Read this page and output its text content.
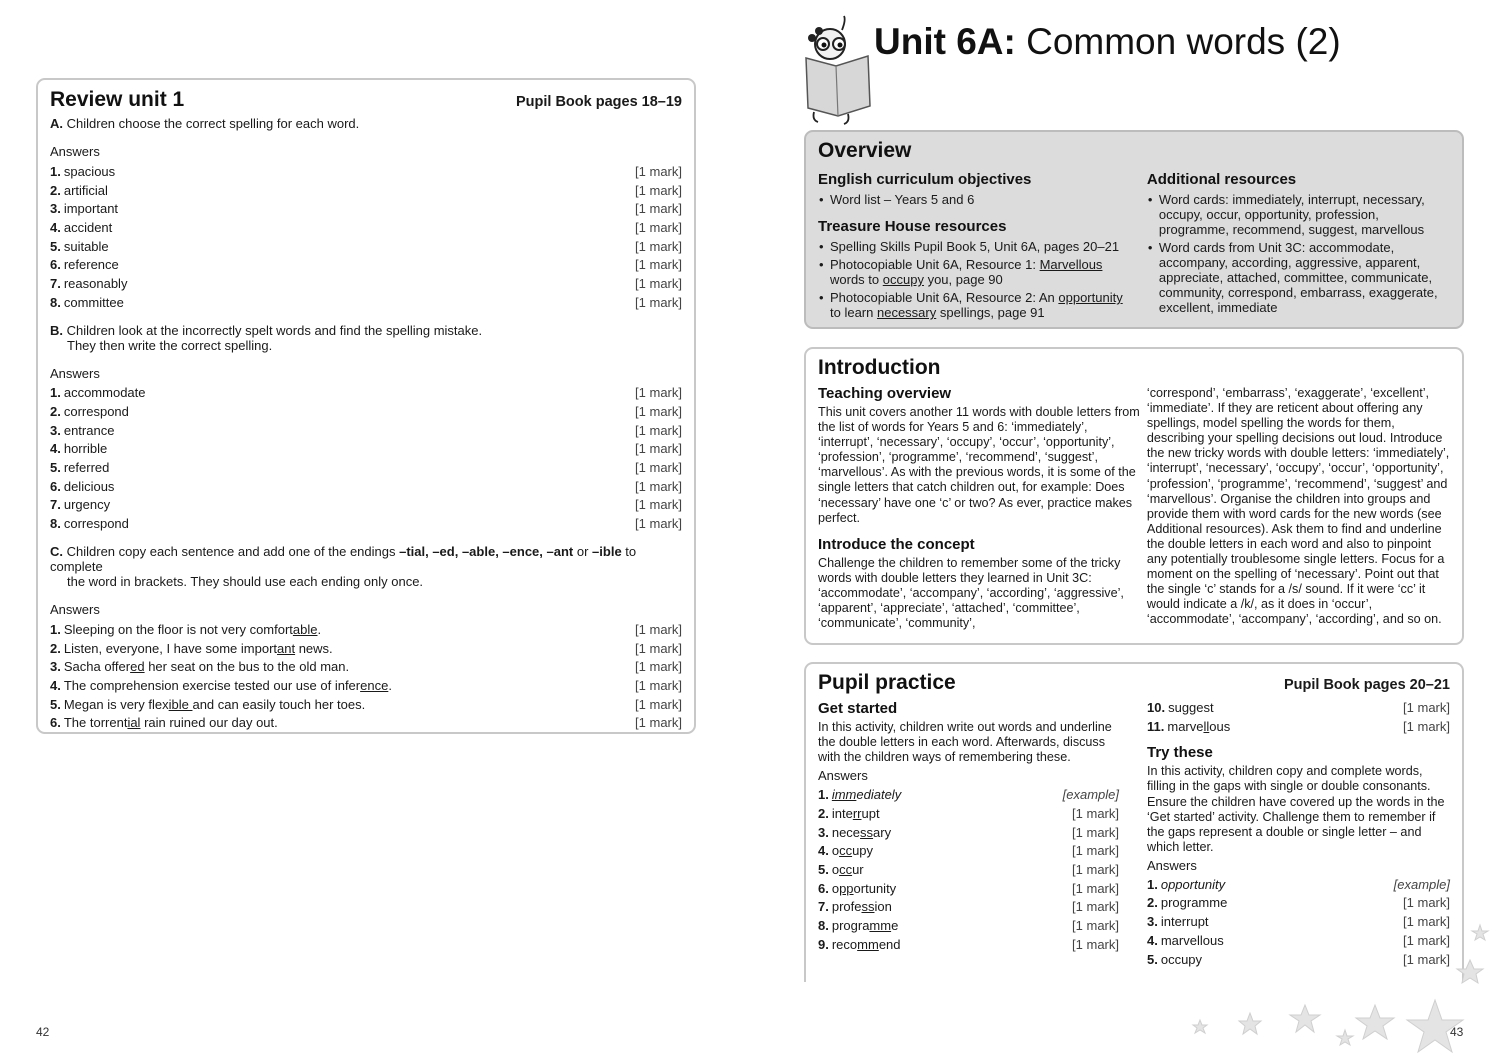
Review unit 1	Pupil Book pages 18–19
A. Children choose the correct spelling for each word.
Answers
1. spacious	[1 mark]
2. artificial	[1 mark]
3. important	[1 mark]
4. accident	[1 mark]
5. suitable	[1 mark]
6. reference	[1 mark]
7. reasonably	[1 mark]
8. committee	[1 mark]
B. Children look at the incorrectly spelt words and find the spelling mistake.
They then write the correct spelling.
Answers
1. accommodate	[1 mark]
2. correspond	[1 mark]
3. entrance	[1 mark]
4. horrible	[1 mark]
5. referred	[1 mark]
6. delicious	[1 mark]
7. urgency	[1 mark]
8. correspond	[1 mark]
C. Children copy each sentence and add one of the endings –tial, –ed, –able, –ence, –ant or –ible to complete
the word in brackets. They should use each ending only once.
Answers
1. Sleeping on the floor is not very comfortable.	[1 mark]
2. Listen, everyone, I have some important news.	[1 mark]
3. Sacha offered her seat on the bus to the old man.	[1 mark]
4. The comprehension exercise tested our use of inference.	[1 mark]
5. Megan is very flexible and can easily touch her toes.	[1 mark]
6. The torrential rain ruined our day out.	[1 mark]
42
Unit 6A: Common words (2)
Overview
English curriculum objectives
• Word list – Years 5 and 6
Treasure House resources
• Spelling Skills Pupil Book 5, Unit 6A, pages 20–21
• Photocopiable Unit 6A, Resource 1: Marvellous
words to occupy you, page 90
• Photocopiable Unit 6A, Resource 2: An opportunity
to learn necessary spellings, page 91
Additional resources
• Word cards: immediately, interrupt, necessary, occupy, occur, opportunity, profession, programme, recommend, suggest, marvellous
• Word cards from Unit 3C: accommodate, accompany, according, aggressive, apparent, appreciate, attached, committee, communicate, community, correspond, embarrass, exaggerate, excellent, immediate
Introduction
Teaching overview
This unit covers another 11 words with double letters from the list of words for Years 5 and 6: ‘immediately’, ‘interrupt’, ‘necessary’, ‘occupy’, ‘occur’, ‘opportunity’, ‘profession’, ‘programme’, ‘recommend’, ‘suggest’, ‘marvellous’. As with the previous words, it is some of the single letters that catch children out, for example: Does ‘necessary’ have one ‘c’ or two? As ever, practice makes perfect.
Introduce the concept
Challenge the children to remember some of the tricky words with double letters they learned in Unit 3C: ‘accommodate’, ‘accompany’, ‘according’, ‘aggressive’, ‘apparent’, ‘appreciate’, ‘attached’, ‘committee’, ‘communicate’, ‘community’,
‘correspond’, ‘embarrass’, ‘exaggerate’, ‘excellent’, ‘immediate’. If they are reticent about offering any spellings, model spelling the words for them, describing your spelling decisions out loud. Introduce the new tricky words with double letters: ‘immediately’, ‘interrupt’, ‘necessary’, ‘occupy’, ‘occur’, ‘opportunity’, ‘profession’, ‘programme’, ‘recommend’, ‘suggest’ and ‘marvellous’. Organise the children into groups and provide them with word cards for the new words (see Additional resources). Ask them to find and underline the double letters in each word and also to pinpoint any potentially troublesome single letters. Focus for a moment on the spelling of ‘necessary’. Point out that the single ‘c’ stands for a /s/ sound. If it were ‘cc’ it would indicate a /k/, as it does in ‘occur’, ‘accommodate’, ‘accompany’, ‘according’, and so on.
Pupil practice
Get started
In this activity, children write out words and underline the double letters in each word. Afterwards, discuss with the children ways of remembering these.
Answers
1. immediately	[example]
2. interrupt	[1 mark]
3. necessary	[1 mark]
4. occupy	[1 mark]
5. occur	[1 mark]
6. opportunity	[1 mark]
7. profession	[1 mark]
8. programme	[1 mark]
9. recommend	[1 mark]
Pupil Book pages 20–21
10. suggest	[1 mark]
11. marvellous	[1 mark]
Try these
In this activity, children copy and complete words, filling in the gaps with single or double consonants. Ensure the children have covered up the words in the ‘Get started’ activity. Challenge them to remember if the gaps represent a double or single letter – and which letter.
Answers
1. opportunity	[example]
2. programme	[1 mark]
3. interrupt	[1 mark]
4. marvellous	[1 mark]
5. occupy	[1 mark]
43
